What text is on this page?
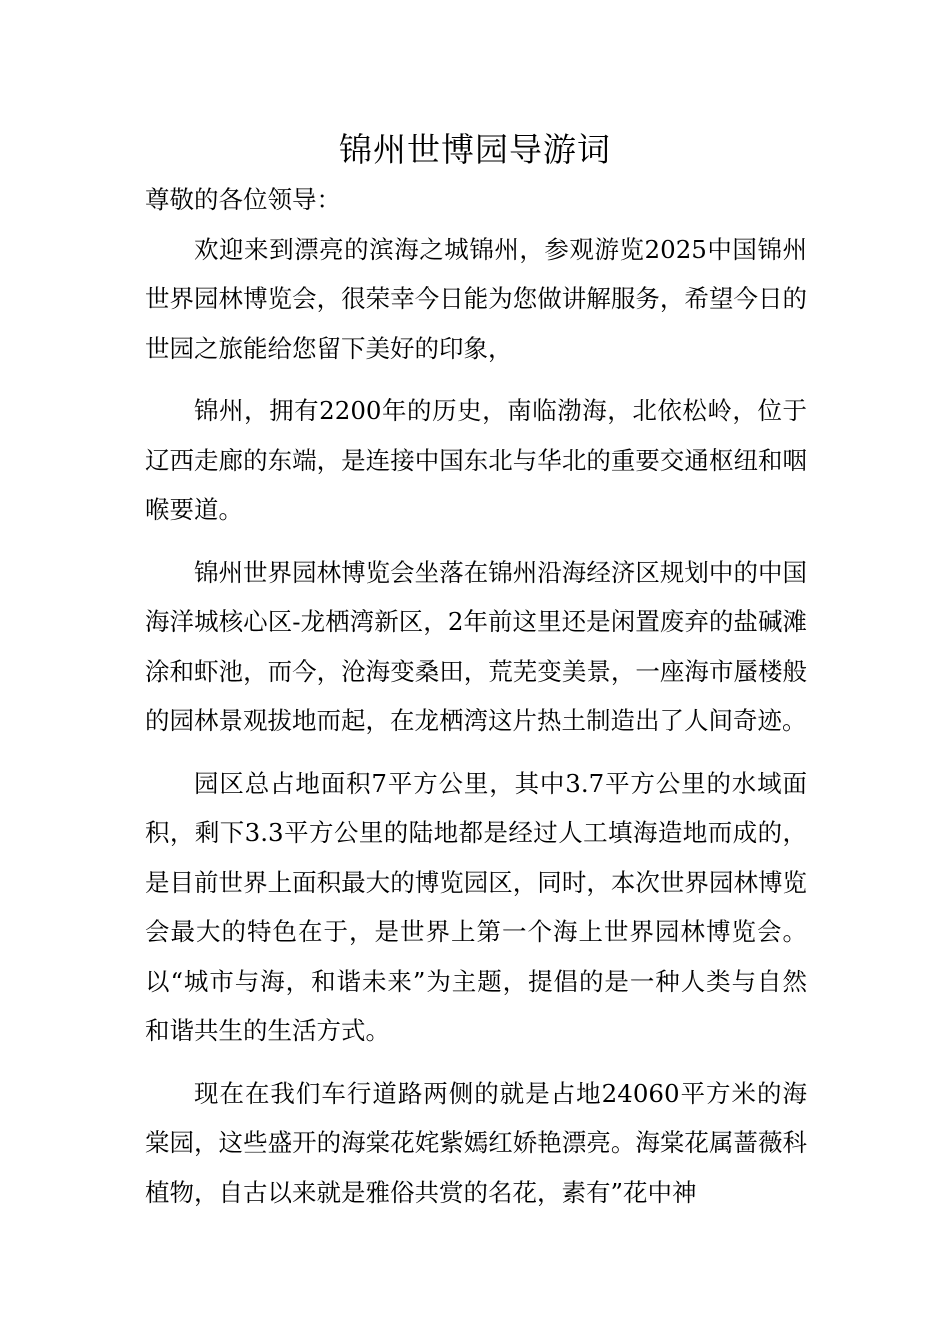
锦州世博园导游词

尊敬的各位领导：

欢迎来到漂亮的滨海之城锦州，参观游览2025中国锦州世界园林博览会，很荣幸今日能为您做讲解服务，希望今日的世园之旅能给您留下美好的印象，

锦州，拥有2200年的历史，南临渤海，北依松岭，位于辽西走廊的东端，是连接中国东北与华北的重要交通枢纽和咽喉要道。

锦州世界园林博览会坐落在锦州沿海经济区规划中的中国海洋城核心区-龙栖湾新区，2年前这里还是闲置废弃的盐碱滩涂和虾池，而今，沧海变桑田，荒芜变美景，一座海市蜃楼般的园林景观拔地而起，在龙栖湾这片热土制造出了人间奇迹。

园区总占地面积7平方公里，其中3.7平方公里的水域面积，剩下3.3平方公里的陆地都是经过人工填海造地而成的，是目前世界上面积最大的博览园区，同时，本次世界园林博览会最大的特色在于，是世界上第一个海上世界园林博览会。以“城市与海，和谐未来”为主题，提倡的是一种人类与自然和谐共生的生活方式。

现在在我们车行道路两侧的就是占地24060平方米的海棠园，这些盛开的海棠花姹紫嫣红娇艳漂亮。海棠花属蔷薇科植物，自古以来就是雅俗共赏的名花，素有”花中神
